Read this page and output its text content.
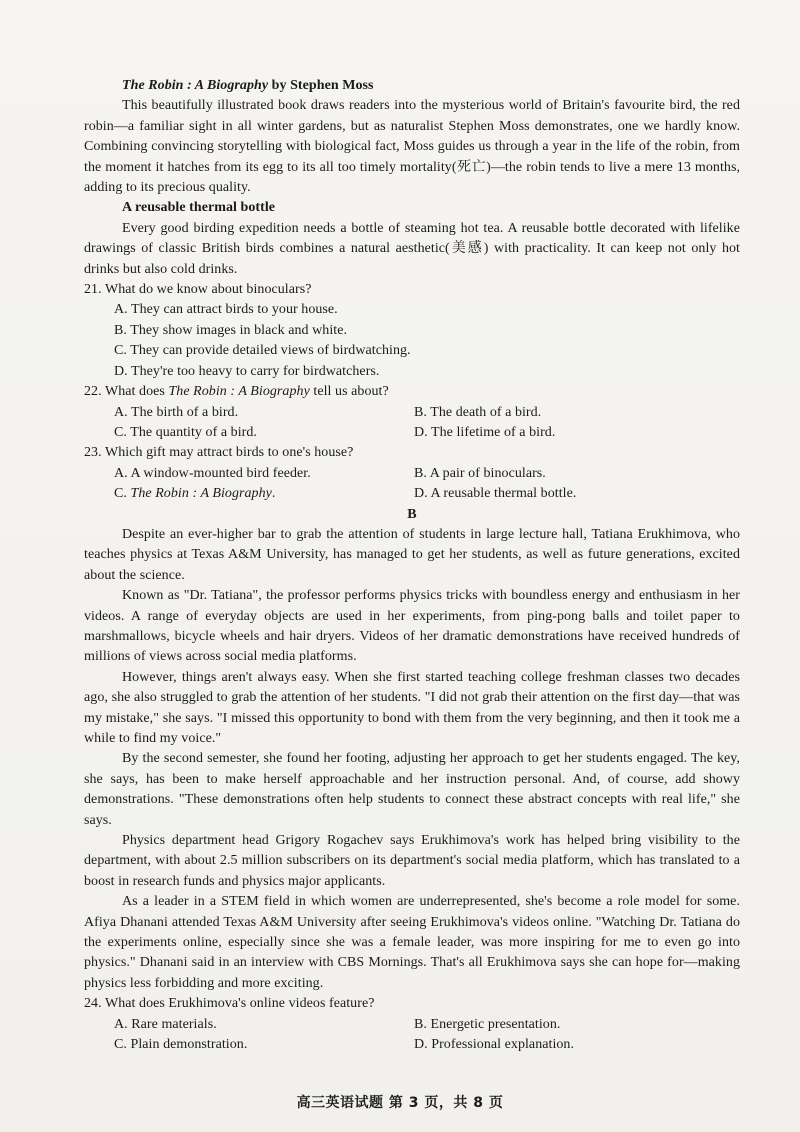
The Robin : A Biography by Stephen Moss

This beautifully illustrated book draws readers into the mysterious world of Britain's favourite bird, the red robin—a familiar sight in all winter gardens, but as naturalist Stephen Moss demonstrates, one we hardly know. Combining convincing storytelling with biological fact, Moss guides us through a year in the life of the robin, from the moment it hatches from its egg to its all too timely mortality(死亡)—the robin tends to live a mere 13 months, adding to its precious quality.

A reusable thermal bottle

Every good birding expedition needs a bottle of steaming hot tea. A reusable bottle decorated with lifelike drawings of classic British birds combines a natural aesthetic(美感) with practicality. It can keep not only hot drinks but also cold drinks.

21. What do we know about binoculars?

A. They can attract birds to your house.

B. They show images in black and white.

C. They can provide detailed views of birdwatching.

D. They're too heavy to carry for birdwatchers.

22. What does The Robin : A Biography tell us about?

A. The birth of a bird.	B. The death of a bird.
C. The quantity of a bird.	D. The lifetime of a bird.

23. Which gift may attract birds to one's house?

A. A window-mounted bird feeder.	B. A pair of binoculars.
C. The Robin : A Biography.	D. A reusable thermal bottle.

B

Despite an ever-higher bar to grab the attention of students in large lecture hall, Tatiana Erukhimova, who teaches physics at Texas A&M University, has managed to get her students, as well as future generations, excited about the science.

Known as "Dr. Tatiana", the professor performs physics tricks with boundless energy and enthusiasm in her videos. A range of everyday objects are used in her experiments, from ping-pong balls and toilet paper to marshmallows, bicycle wheels and hair dryers. Videos of her dramatic demonstrations have received hundreds of millions of views across social media platforms.

However, things aren't always easy. When she first started teaching college freshman classes two decades ago, she also struggled to grab the attention of her students. "I did not grab their attention on the first day—that was my mistake," she says. "I missed this opportunity to bond with them from the very beginning, and then it took me a while to find my voice."

By the second semester, she found her footing, adjusting her approach to get her students engaged. The key, she says, has been to make herself approachable and her instruction personal. And, of course, add showy demonstrations. "These demonstrations often help students to connect these abstract concepts with real life," she says.

Physics department head Grigory Rogachev says Erukhimova's work has helped bring visibility to the department, with about 2.5 million subscribers on its department's social media platform, which has translated to a boost in research funds and physics major applicants.

As a leader in a STEM field in which women are underrepresented, she's become a role model for some. Afiya Dhanani attended Texas A&M University after seeing Erukhimova's videos online. "Watching Dr. Tatiana do the experiments online, especially since she was a female leader, was more inspiring for me to even go into physics." Dhanani said in an interview with CBS Mornings. That's all Erukhimova says she can hope for—making physics less forbidding and more exciting.

24. What does Erukhimova's online videos feature?

A. Rare materials.	B. Energetic presentation.
C. Plain demonstration.	D. Professional explanation.
高三英语试题 第 3 页，共 8 页
